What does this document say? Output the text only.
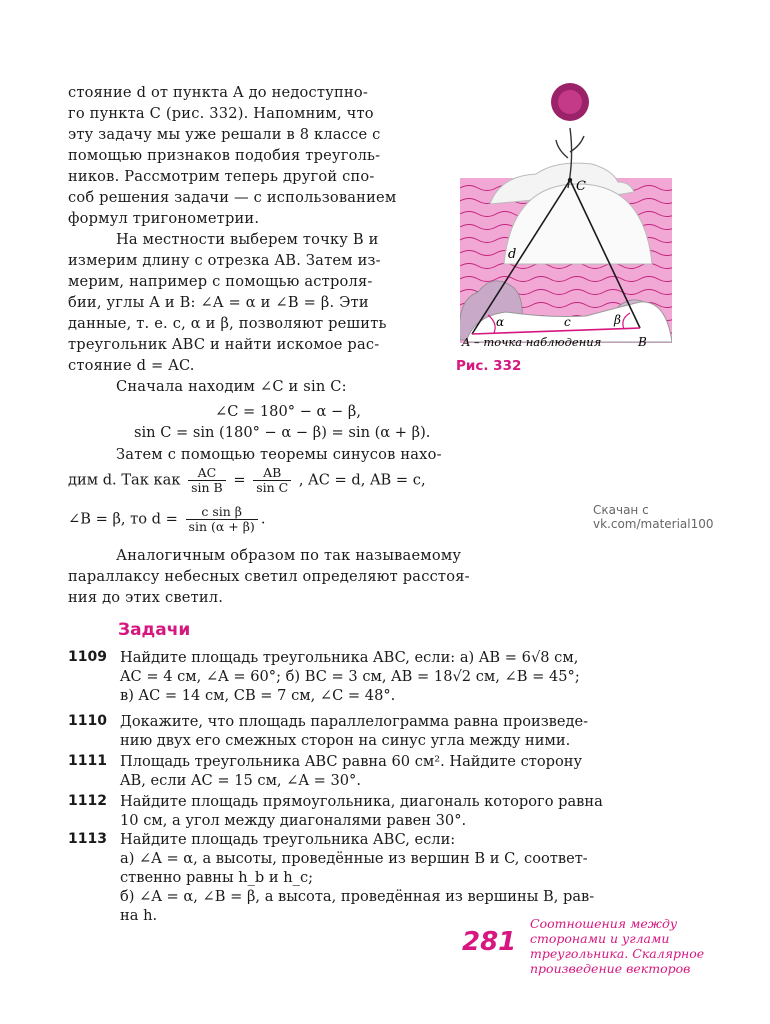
стояние d от пункта A до недоступно-
го пункта C (рис. 332). Напомним, что
эту задачу мы уже решали в 8 классе с
помощью признаков подобия треуголь-
ников. Рассмотрим теперь другой спо-
соб решения задачи — с использованием
формул тригонометрии.
На местности выберем точку B и
измерим длину c отрезка AB. Затем из-
мерим, например с помощью астроля-
бии, углы A и B: ∠A = α и ∠B = β. Эти
данные, т. е. c, α и β, позволяют решить
треугольник ABC и найти искомое рас-
стояние d = AC.
Сначала находим ∠C и sin C:
∠C = 180° − α − β,
sin C = sin (180° − α − β) = sin (α + β).
Затем с помощью теоремы синусов нахо-
дим d. Так как $\frac{AC}{\text{sin B}} = \frac{AB}{\text{sin C}}$ , AC = d, AB = c,
∠B = β, то $d = \frac{\text{c sin β}}{\sin (\alpha + \beta)}$ .
Аналогичным образом по так называемому
параллаксу небесных светил определяют расстоя-
ния до этих светил.
C
d
α	β
c
A – точка наблюдения	B
Рис. 332
Скачан с vk.com/material100
Задачи
1109 Найдите площадь треугольника ABC, если: а) AB = 6√8 см,
AC = 4 см, ∠A = 60°; б) BC = 3 см, AB = 18√2 см, ∠B = 45°;
в) AC = 14 см, CB = 7 см, ∠C = 48°.
1110 Докажите, что площадь параллелограмма равна произведе-
нию двух его смежных сторон на синус угла между ними.
1111 Площадь треугольника ABC равна 60 см². Найдите сторону
AB, если AC = 15 см, ∠A = 30°.
1112 Найдите площадь прямоугольника, диагональ которого равна
10 см, а угол между диагоналями равен 30°.
1113 Найдите площадь треугольника ABC, если:
а) ∠A = α, а высоты, проведённые из вершин B и C, соответ-
ственно равны h_b и h_c;
б) ∠A = α, ∠B = β, а высота, проведённая из вершины B, рав-
на h.
281
Соотношения между
сторонами и углами
треугольника. Скалярное
произведение векторов
